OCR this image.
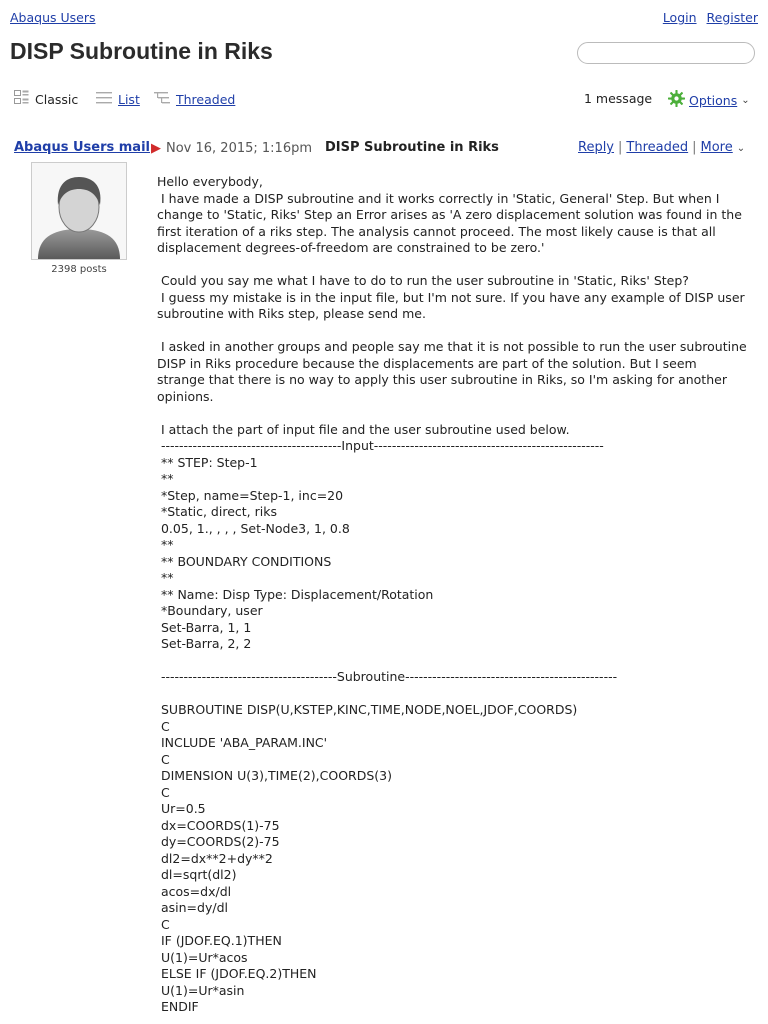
Abaqus Users	Login Register
DISP Subroutine in Riks
Classic	List	Threaded	1 message	Options ⌄
Abaqus Users mail ▶ Nov 16, 2015; 1:16pm DISP Subroutine in Riks	Reply | Threaded | More ⌄
2398 posts

Hello everybody,

I have made a DISP subroutine and it works correctly in 'Static, General' Step. But when I change to 'Static, Riks' Step an Error arises as 'A zero displacement solution was found in the first iteration of a riks step. The analysis cannot proceed. The most likely cause is that all displacement degrees-of-freedom are constrained to be zero.'

Could you say me what I have to do to run the user subroutine in 'Static, Riks' Step?

I guess my mistake is in the input file, but I'm not sure. If you have any example of DISP user  subroutine with Riks step, please send me.

I asked in another groups and people say me that it is not possible to run the user subroutine DISP in Riks procedure because the displacements are part of the solution. But I seem strange that there is no way to apply this user subroutine in Riks, so I'm asking for another opinions.

I attach the part of input file and the user subroutine used below.

----------------------------------------Input---------------------------------------------------

** STEP: Step-1

**

*Step, name=Step-1, inc=20

*Static, direct, riks

0.05, 1., , , , Set-Node3, 1, 0.8

**

** BOUNDARY CONDITIONS

**

** Name: Disp Type: Displacement/Rotation

*Boundary, user

Set-Barra, 1, 1

Set-Barra, 2, 2

---------------------------------------Subroutine-----------------------------------------------

SUBROUTINE DISP(U,KSTEP,KINC,TIME,NODE,NOEL,JDOF,COORDS)

C

INCLUDE 'ABA_PARAM.INC'

C

DIMENSION U(3),TIME(2),COORDS(3)

C

Ur=0.5

dx=COORDS(1)-75

dy=COORDS(2)-75

dl2=dx**2+dy**2

dl=sqrt(dl2)

acos=dx/dl

asin=dy/dl

C

IF (JDOF.EQ.1)THEN

U(1)=Ur*acos

ELSE IF (JDOF.EQ.2)THEN

U(1)=Ur*asin

ENDIF
